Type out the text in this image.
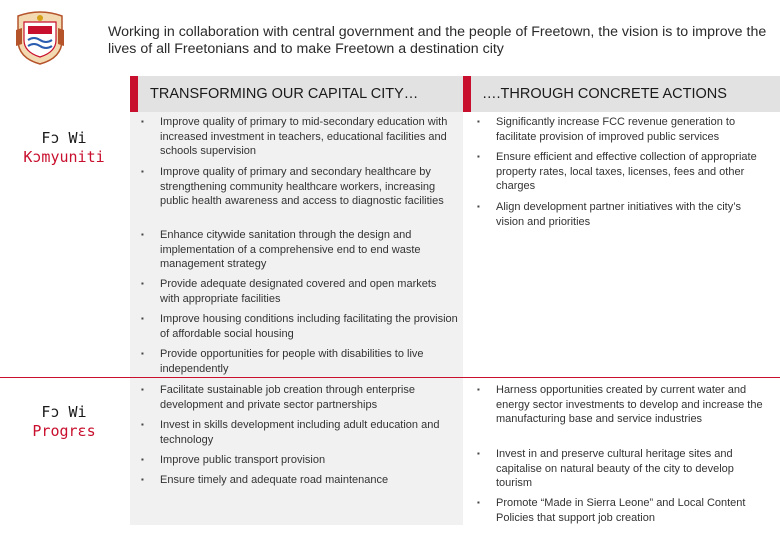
Working in collaboration with central government and the people of Freetown, the vision is to improve the lives of all Freetonians and to make Freetown a destination city
TRANSFORMING OUR CAPITAL CITY…	….THROUGH CONCRETE ACTIONS
Fɔ Wi
Kɔmyuniti
Fɔ Wi
Progrɛs
▪ Improve quality of primary to mid-secondary education with increased investment in teachers, educational facilities and schools supervision
▪ Improve quality of primary and secondary healthcare by strengthening community healthcare workers, increasing public health awareness and access to diagnostic facilities
▪ Enhance citywide sanitation through the design and implementation of a comprehensive end to end waste management strategy
▪ Provide adequate designated covered and open markets with appropriate facilities
▪ Improve housing conditions including facilitating the provision of affordable social housing
▪ Provide opportunities for people with disabilities to live independently
▪ Significantly increase FCC revenue generation to facilitate provision of improved public services
▪ Ensure efficient and effective collection of appropriate property rates, local taxes, licenses, fees and other charges
▪ Align development partner initiatives with the city’s vision and priorities
▪ Facilitate sustainable job creation through enterprise development and private sector partnerships
▪ Invest in skills development including adult education and technology
▪ Improve public transport provision
▪ Ensure timely and adequate road maintenance
▪ Harness opportunities created by current water and energy sector investments to develop and increase the manufacturing base and service industries
▪ Invest in and preserve cultural heritage sites and capitalise on natural beauty of the city to develop tourism
▪ Promote “Made in Sierra Leone” and Local Content Policies that support job creation
